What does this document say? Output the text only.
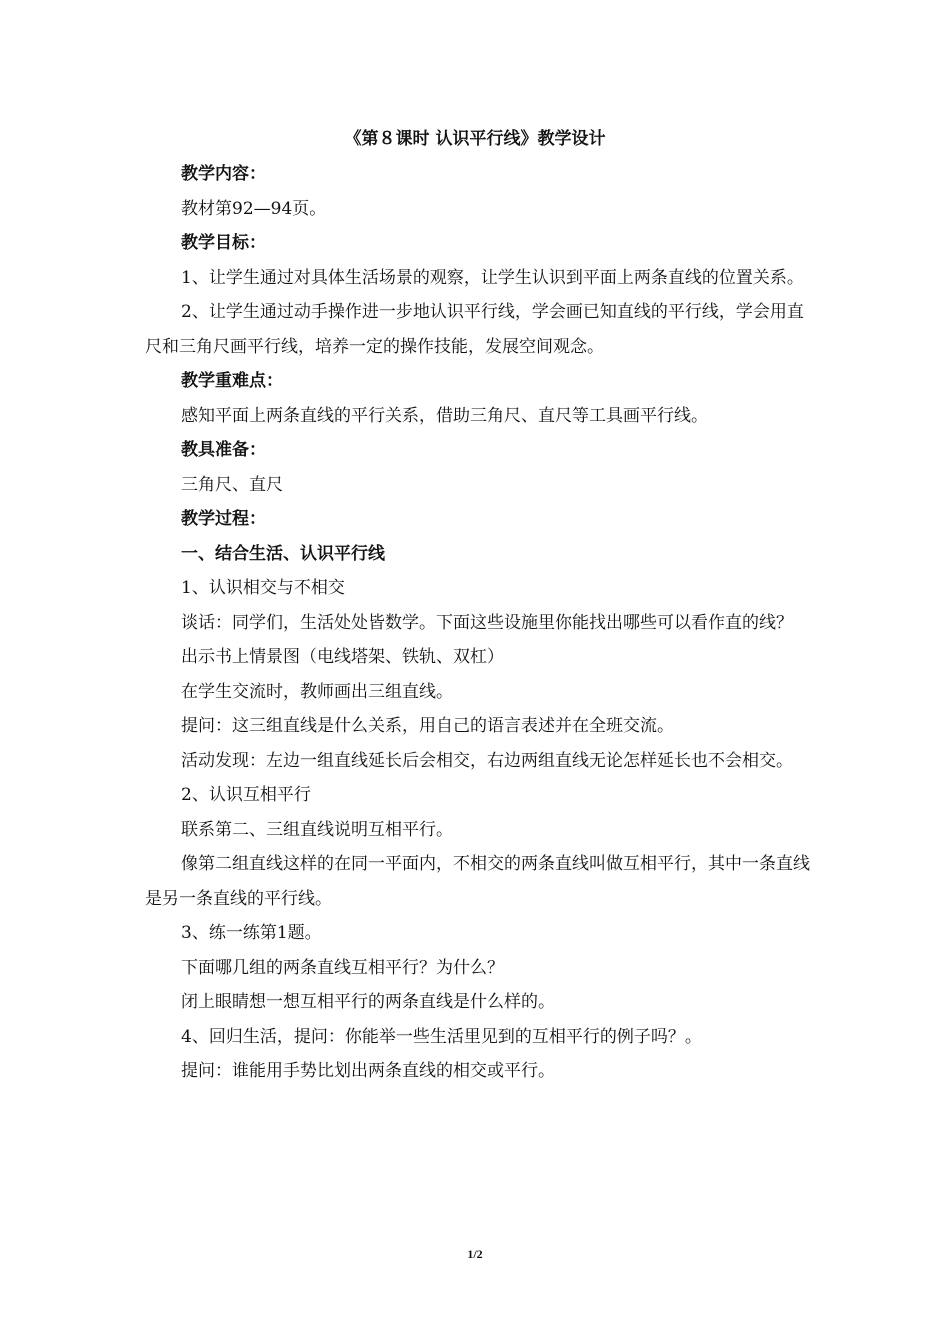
《第８课时 认识平行线》教学设计

教学内容：

教材第92—94页。

教学目标：

1、让学生通过对具体生活场景的观察，让学生认识到平面上两条直线的位置关系。

2、让学生通过动手操作进一步地认识平行线，学会画已知直线的平行线，学会用直尺和三角尺画平行线，培养一定的操作技能，发展空间观念。

教学重难点：

感知平面上两条直线的平行关系，借助三角尺、直尺等工具画平行线。

教具准备：

三角尺、直尺

教学过程：

一、结合生活、认识平行线

1、认识相交与不相交

谈话：同学们，生活处处皆数学。下面这些设施里你能找出哪些可以看作直的线？

出示书上情景图（电线塔架、铁轨、双杠）

在学生交流时，教师画出三组直线。

提问：这三组直线是什么关系，用自己的语言表述并在全班交流。

活动发现：左边一组直线延长后会相交，右边两组直线无论怎样延长也不会相交。

2、认识互相平行

联系第二、三组直线说明互相平行。

像第二组直线这样的在同一平面内，不相交的两条直线叫做互相平行，其中一条直线是另一条直线的平行线。

3、练一练第1题。

下面哪几组的两条直线互相平行？为什么？

闭上眼睛想一想互相平行的两条直线是什么样的。

4、回归生活，提问：你能举一些生活里见到的互相平行的例子吗？。

提问：谁能用手势比划出两条直线的相交或平行。

1/2
